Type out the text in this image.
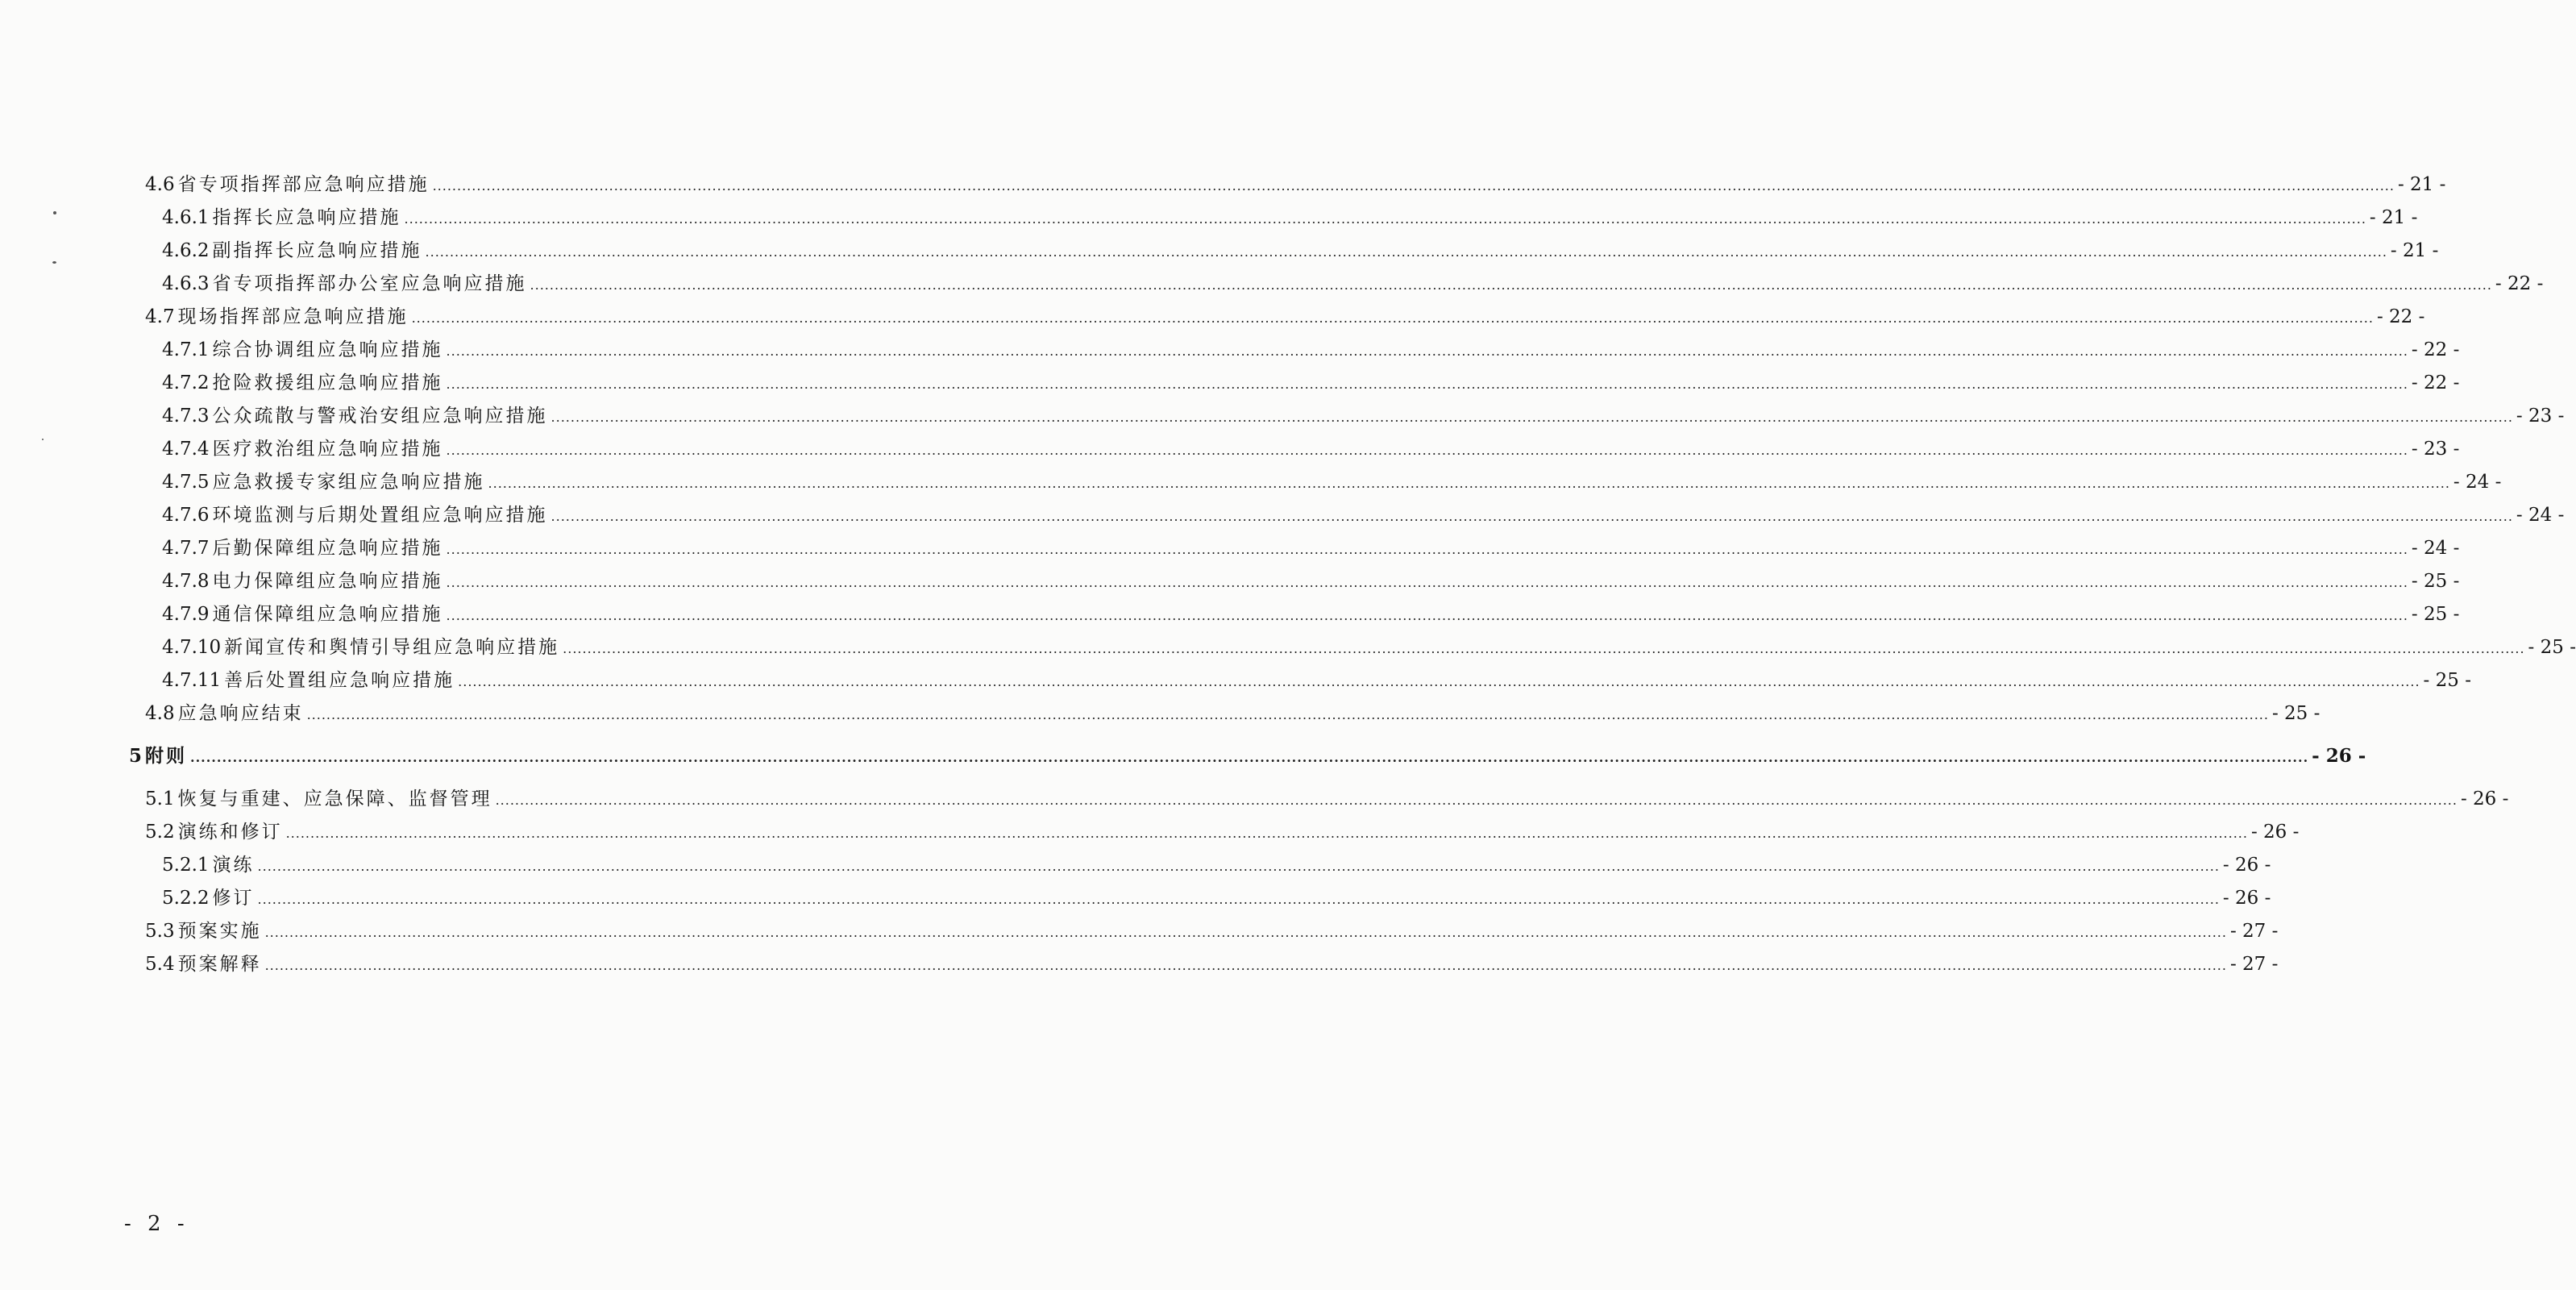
4.6 省专项指挥部应急响应措施 ................................................................................................................................................................................................................................................................................................................................................................................................................ - 21 -
4.6.1 指挥长应急响应措施 ................................................................................................................................................................................................................................................................................................................................................................................................................ - 21 -
4.6.2 副指挥长应急响应措施 ................................................................................................................................................................................................................................................................................................................................................................................................................ - 21 -
4.6.3 省专项指挥部办公室应急响应措施 ................................................................................................................................................................................................................................................................................................................................................................................................................ - 22 -
4.7 现场指挥部应急响应措施 ................................................................................................................................................................................................................................................................................................................................................................................................................ - 22 -
4.7.1 综合协调组应急响应措施 ................................................................................................................................................................................................................................................................................................................................................................................................................ - 22 -
4.7.2 抢险救援组应急响应措施 ................................................................................................................................................................................................................................................................................................................................................................................................................ - 22 -
4.7.3 公众疏散与警戒治安组应急响应措施 ................................................................................................................................................................................................................................................................................................................................................................................................................ - 23 -
4.7.4 医疗救治组应急响应措施 ................................................................................................................................................................................................................................................................................................................................................................................................................ - 23 -
4.7.5 应急救援专家组应急响应措施 ................................................................................................................................................................................................................................................................................................................................................................................................................ - 24 -
4.7.6 环境监测与后期处置组应急响应措施 ................................................................................................................................................................................................................................................................................................................................................................................................................ - 24 -
4.7.7 后勤保障组应急响应措施 ................................................................................................................................................................................................................................................................................................................................................................................................................ - 24 -
4.7.8 电力保障组应急响应措施 ................................................................................................................................................................................................................................................................................................................................................................................................................ - 25 -
4.7.9 通信保障组应急响应措施 ................................................................................................................................................................................................................................................................................................................................................................................................................ - 25 -
4.7.10 新闻宣传和舆情引导组应急响应措施 ................................................................................................................................................................................................................................................................................................................................................................................................................ - 25 -
4.7.11 善后处置组应急响应措施 ................................................................................................................................................................................................................................................................................................................................................................................................................ - 25 -
4.8 应急响应结束 ................................................................................................................................................................................................................................................................................................................................................................................................................ - 25 -
5 附则 ................................................................................................................................................................................................................................................................................................................................................................................................................ - 26 -
5.1 恢复与重建、应急保障、监督管理 ................................................................................................................................................................................................................................................................................................................................................................................................................ - 26 -
5.2 演练和修订 ................................................................................................................................................................................................................................................................................................................................................................................................................ - 26 -
5.2.1 演练 ................................................................................................................................................................................................................................................................................................................................................................................................................ - 26 -
5.2.2 修订 ................................................................................................................................................................................................................................................................................................................................................................................................................ - 26 -
5.3 预案实施 ................................................................................................................................................................................................................................................................................................................................................................................................................ - 27 -
5.4 预案解释 ................................................................................................................................................................................................................................................................................................................................................................................................................ - 27 -
- 2 -
